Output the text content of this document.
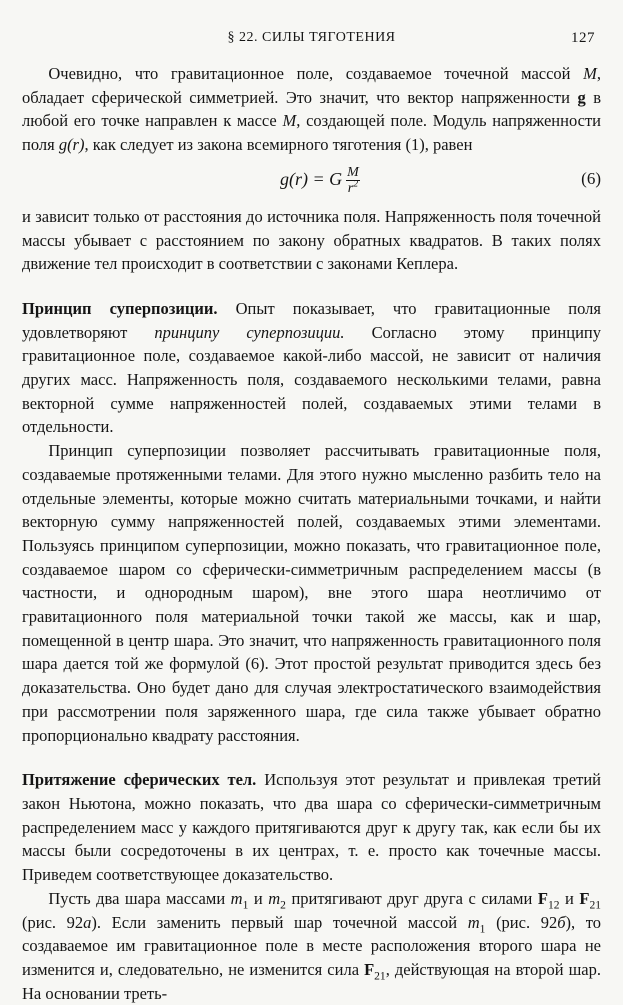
§ 22. СИЛЫ ТЯГОТЕНИЯ	127

Очевидно, что гравитационное поле, создаваемое точечной массой M, обладает сферической симметрией. Это значит, что вектор напряженности g в любой его точке направлен к массе M, создающей поле. Модуль напряженности поля g(r), как следует из закона всемирного тяготения (1), равен

g(r) = G $\frac{M}{r^2}$	(6)

и зависит только от расстояния до источника поля. Напряженность поля точечной массы убывает с расстоянием по закону обратных квадратов. В таких полях движение тел происходит в соответствии с законами Кеплера.

Принцип суперпозиции. Опыт показывает, что гравитационные поля удовлетворяют принципу суперпозиции. Согласно этому принципу гравитационное поле, создаваемое какой-либо массой, не зависит от наличия других масс. Напряженность поля, создаваемого несколькими телами, равна векторной сумме напряженностей полей, создаваемых этими телами в отдельности.

Принцип суперпозиции позволяет рассчитывать гравитационные поля, создаваемые протяженными телами. Для этого нужно мысленно разбить тело на отдельные элементы, которые можно считать материальными точками, и найти векторную сумму напряженностей полей, создаваемых этими элементами. Пользуясь принципом суперпозиции, можно показать, что гравитационное поле, создаваемое шаром со сферически-симметричным распределением массы (в частности, и однородным шаром), вне этого шара неотличимо от гравитационного поля материальной точки такой же массы, как и шар, помещенной в центр шара. Это значит, что напряженность гравитационного поля шара дается той же формулой (6). Этот простой результат приводится здесь без доказательства. Оно будет дано для случая электростатического взаимодействия при рассмотрении поля заряженного шара, где сила также убывает обратно пропорционально квадрату расстояния.

Притяжение сферических тел. Используя этот результат и привлекая третий закон Ньютона, можно показать, что два шара со сферически-симметричным распределением масс у каждого притягиваются друг к другу так, как если бы их массы были сосредоточены в их центрах, т. е. просто как точечные массы. Приведем соответствующее доказательство.

Пусть два шара массами $m_1$ и $m_2$ притягивают друг друга с силами $F_{12}$ и $F_{21}$ (рис. 92а). Если заменить первый шар точечной массой $m_1$ (рис. 92б), то создаваемое им гравитационное поле в месте расположения второго шара не изменится и, следовательно, не изменится сила $F_{21}$, действующая на второй шар. На основании треть-
